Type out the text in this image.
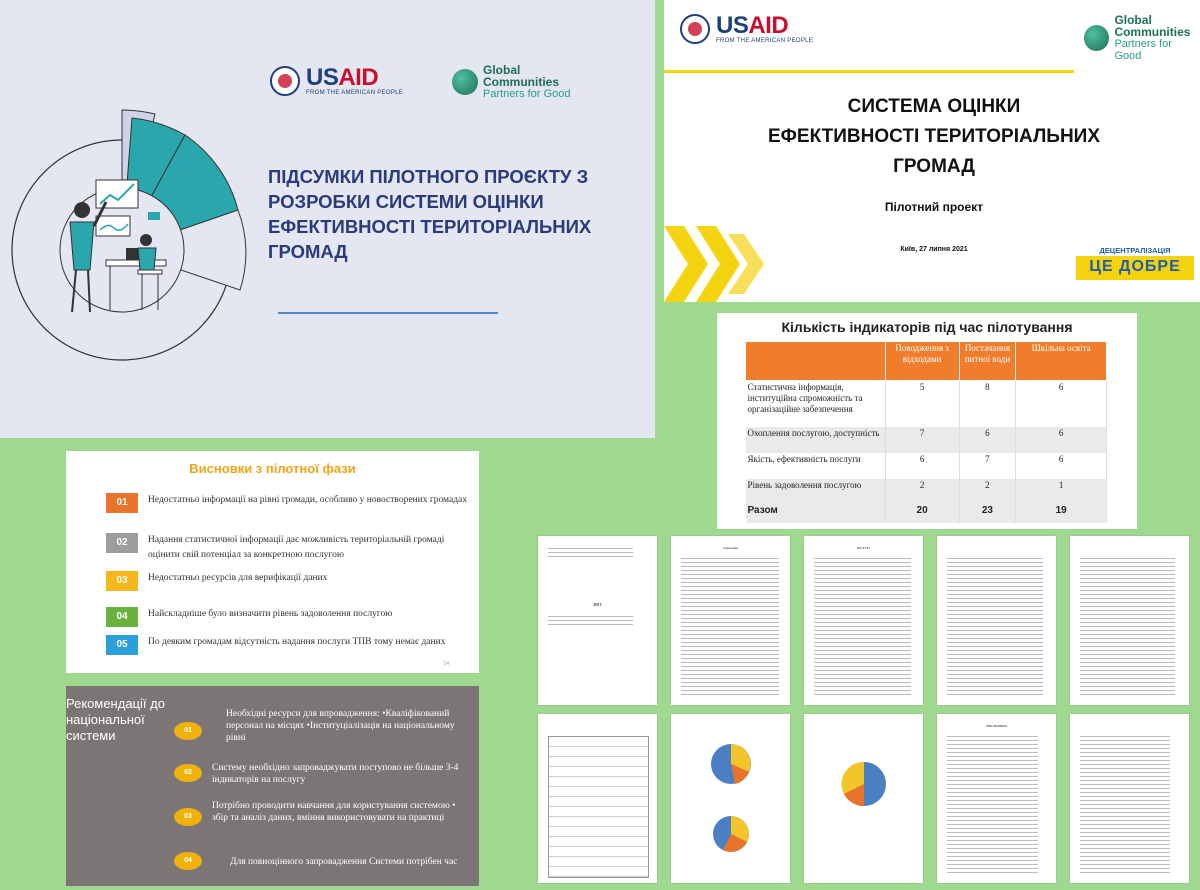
USAID
FROM THE AMERICAN PEOPLE
Global
Communities
Partners for Good
ПІДСУМКИ ПІЛОТНОГО ПРОЄКТУ З РОЗРОБКИ СИСТЕМИ ОЦІНКИ ЕФЕКТИВНОСТІ ТЕРИТОРІАЛЬНИХ ГРОМАД
USAID
FROM THE AMERICAN PEOPLE
Global
Communities
Partners for Good
СИСТЕМА ОЦІНКИ
ЕФЕКТИВНОСТІ ТЕРИТОРІАЛЬНИХ
ГРОМАД
Пілотний проект
Київ, 27 липня 2021	ДЕЦЕНТРАЛІЗАЦІЯ
ЦЕ ДОБРЕ
Кількість індикаторів під час пілотування
	Поводження з відходами	Постачання питної води	Шкільна освіта
Статистична інформація, інституційна спроможність та організаційне забезпечення	5	8	6
Охоплення послугою, доступність	7	6	6
Якість, ефективність послуги	6	7	6
Рівень задоволення послугою	2	2	1
Разом	20	23	19
Висновки з пілотної фази
01	Недостатньо інформації на рівні громади, особливо у новостворених громадах
02	Надання статистичної інформації дає можливість територіальній громаді оцінити свій потенціал за конкретною послугою
03	Недостатньо ресурсів для верифікації даних
04	Найскладніше було визначити рівень задоволення послугою
05	По деяким громадам відсутність надання послуги ТПВ тому немає даних
14
Рекомендації до національної системи	01
Необхідні ресурси для впровадження: •Кваліфікований персонал на місцях •Інституціалізація на національному рівні
02	Систему необхідно запроваджувати поступово не більше 3-4 індикаторів на послугу
03
Потрібно проводити навчання для користування системою • збір та аналіз даних, вміння використовувати на практиці
04	Для повноцінного запровадження Системи потрібен час
ЗВІТ
Анотація	ВСТУП
ВИСНОВКИ
